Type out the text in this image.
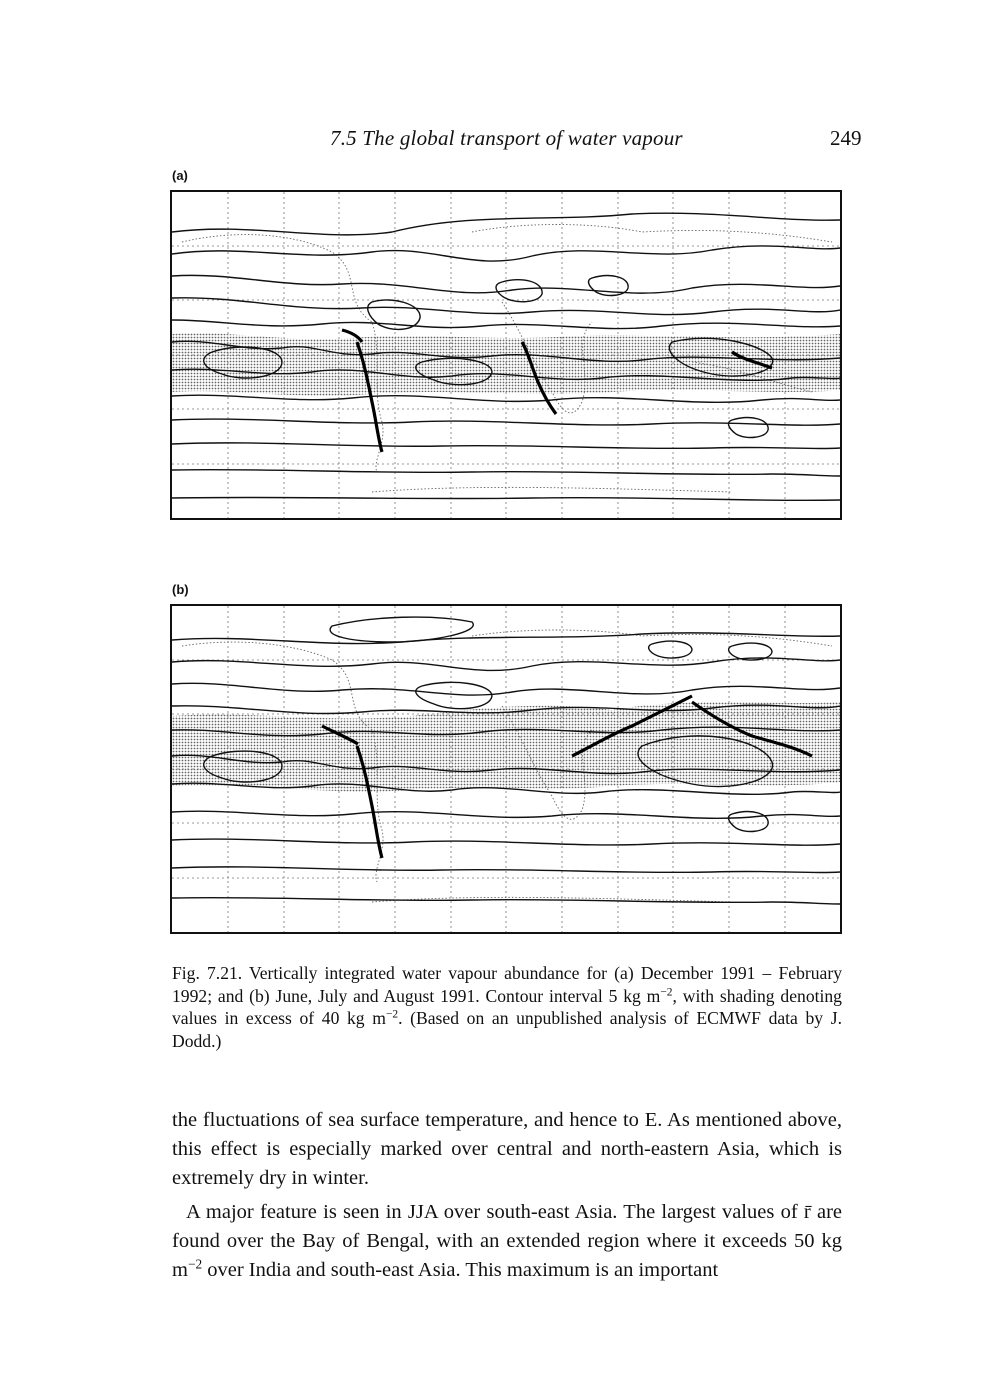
7.5 The global transport of water vapour	249
(a)
(b)
Fig. 7.21. Vertically integrated water vapour abundance for (a) December 1991 – February 1992; and (b) June, July and August 1991. Contour interval 5 kg $m^{-2}$, with shading denoting values in excess of 40 kg $m^{-2}$. (Based on an unpublished analysis of ECMWF data by J. Dodd.)

the fluctuations of sea surface temperature, and hence to E. As mentioned above, this effect is especially marked over central and north-eastern Asia, which is extremely dry in winter.

A major feature is seen in JJA over south-east Asia. The largest values of r̄ are found over the Bay of Bengal, with an extended region where it exceeds 50 kg $m^{-2}$ over India and south-east Asia. This maximum is an important
